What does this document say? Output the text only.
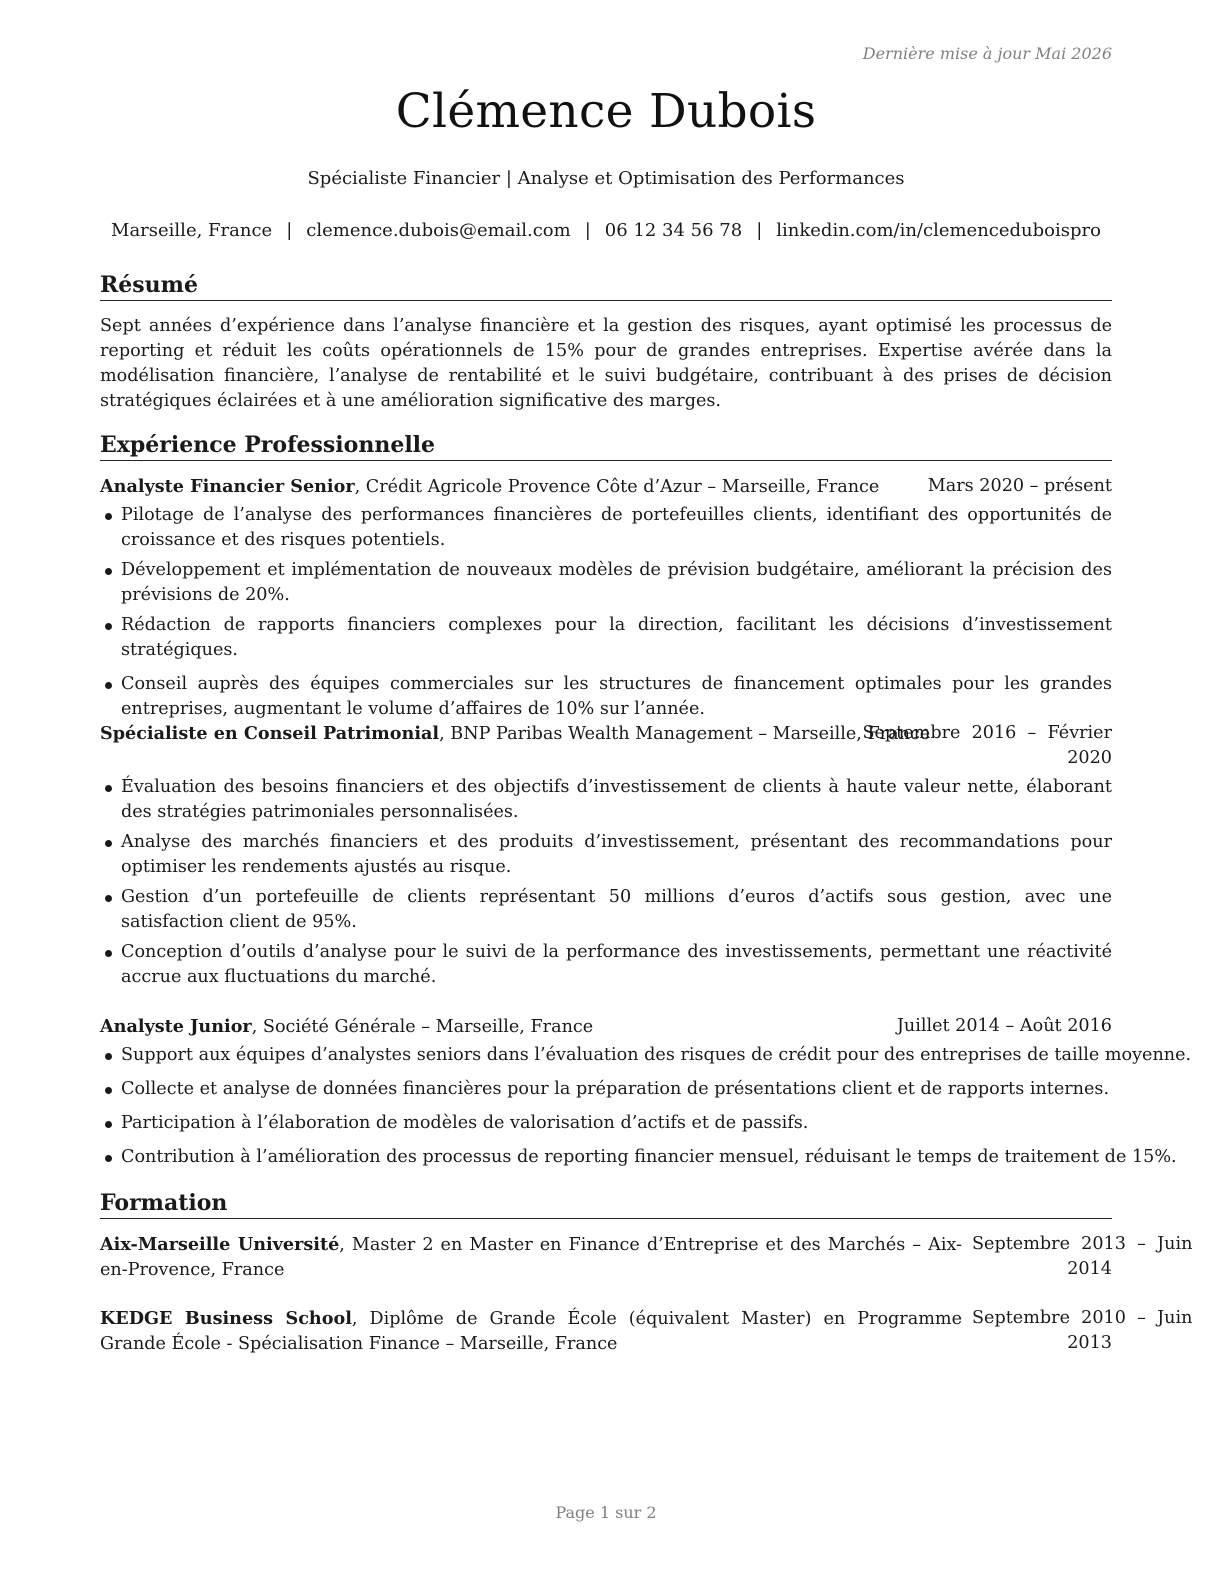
Dernière mise à jour Mai 2026
Clémence Dubois
Spécialiste Financier | Analyse et Optimisation des Performances
Marseille, France | clemence.dubois@email.com | 06 12 34 56 78 | linkedin.com/in/clemenceduboispro
Résumé
Sept années d’expérience dans l’analyse financière et la gestion des risques, ayant optimisé les processus de reporting et réduit les coûts opérationnels de 15% pour de grandes entreprises. Expertise avérée dans la modélisation financière, l’analyse de rentabilité et le suivi budgétaire, contribuant à des prises de décision stratégiques éclairées et à une amélioration significative des marges.
Expérience Professionnelle
Analyste Financier Senior, Crédit Agricole Provence Côte d’Azur – Marseille, France	Mars 2020 – présent
Pilotage de l’analyse des performances financières de portefeuilles clients, identifiant des opportunités de croissance et des risques potentiels.
Développement et implémentation de nouveaux modèles de prévision budgétaire, améliorant la précision des prévisions de 20%.
Rédaction de rapports financiers complexes pour la direction, facilitant les décisions d’investissement stratégiques.
Conseil auprès des équipes commerciales sur les structures de financement optimales pour les grandes entreprises, augmentant le volume d’affaires de 10% sur l’année.
Spécialiste en Conseil Patrimonial, BNP Paribas Wealth Management – Marseille, France
Septembre  2016  –  Février
2020
Évaluation des besoins financiers et des objectifs d’investissement de clients à haute valeur nette, élaborant des stratégies patrimoniales personnalisées.
Analyse des marchés financiers et des produits d’investissement, présentant des recommandations pour optimiser les rendements ajustés au risque.
Gestion d’un portefeuille de clients représentant 50 millions d’euros d’actifs sous gestion, avec une satisfaction client de 95%.
Conception d’outils d’analyse pour le suivi de la performance des investissements, permettant une réactivité accrue aux fluctuations du marché.
Analyste Junior, Société Générale – Marseille, France	Juillet 2014 – Août 2016
Support aux équipes d’analystes seniors dans l’évaluation des risques de crédit pour des entreprises de taille moyenne.
Collecte et analyse de données financières pour la préparation de présentations client et de rapports internes.
Participation à l’élaboration de modèles de valorisation d’actifs et de passifs.
Contribution à l’amélioration des processus de reporting financier mensuel, réduisant le temps de traitement de 15%.
Formation
Aix-Marseille Université, Master 2 en Master en Finance d’Entreprise et des Marchés – Aix-en-Provence, France
Septembre  2013  –  Juin
2014
KEDGE Business School, Diplôme de Grande École (équivalent Master) en Programme Grande École - Spécialisation Finance – Marseille, France
Septembre  2010  –  Juin
2013
Page 1 sur 2
